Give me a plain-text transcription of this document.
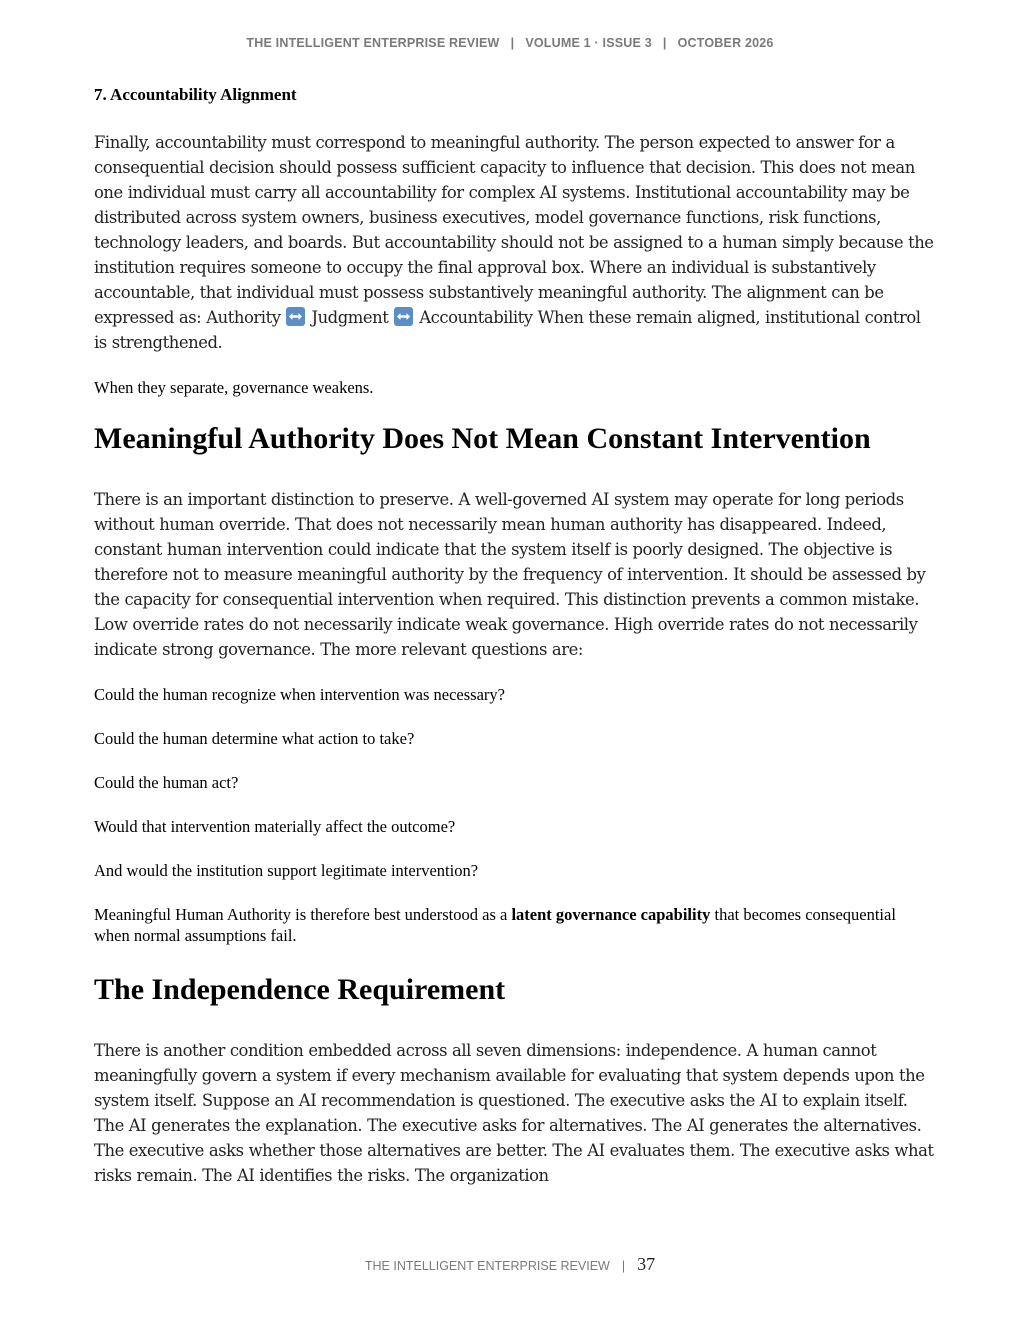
THE INTELLIGENT ENTERPRISE REVIEW | VOLUME 1 · ISSUE 3 | OCTOBER 2026
7. Accountability Alignment

Finally, accountability must correspond to meaningful authority. The person expected to answer for a consequential decision should possess sufficient capacity to influence that decision. This does not mean one individual must carry all accountability for complex AI systems. Institutional accountability may be distributed across system owners, business executives, model governance functions, risk functions, technology leaders, and boards. But accountability should not be assigned to a human simply because the institution requires someone to occupy the final approval box. Where an individual is substantively accountable, that individual must possess substantively meaningful authority. The alignment can be expressed as: Authority Judgment Accountability When these remain aligned, institutional control is strengthened.

When they separate, governance weakens.

Meaningful Authority Does Not Mean Constant Intervention

There is an important distinction to preserve. A well-governed AI system may operate for long periods without human override. That does not necessarily mean human authority has disappeared. Indeed, constant human intervention could indicate that the system itself is poorly designed. The objective is therefore not to measure meaningful authority by the frequency of intervention. It should be assessed by the capacity for consequential intervention when required. This distinction prevents a common mistake. Low override rates do not necessarily indicate weak governance. High override rates do not necessarily indicate strong governance. The more relevant questions are:

Could the human recognize when intervention was necessary?

Could the human determine what action to take?

Could the human act?

Would that intervention materially affect the outcome?

And would the institution support legitimate intervention?

Meaningful Human Authority is therefore best understood as a latent governance capability that becomes consequential when normal assumptions fail.

The Independence Requirement

There is another condition embedded across all seven dimensions: independence. A human cannot meaningfully govern a system if every mechanism available for evaluating that system depends upon the system itself. Suppose an AI recommendation is questioned. The executive asks the AI to explain itself. The AI generates the explanation. The executive asks for alternatives. The AI generates the alternatives. The executive asks whether those alternatives are better. The AI evaluates them. The executive asks what risks remain. The AI identifies the risks. The organization

THE INTELLIGENT ENTERPRISE REVIEW | 37
